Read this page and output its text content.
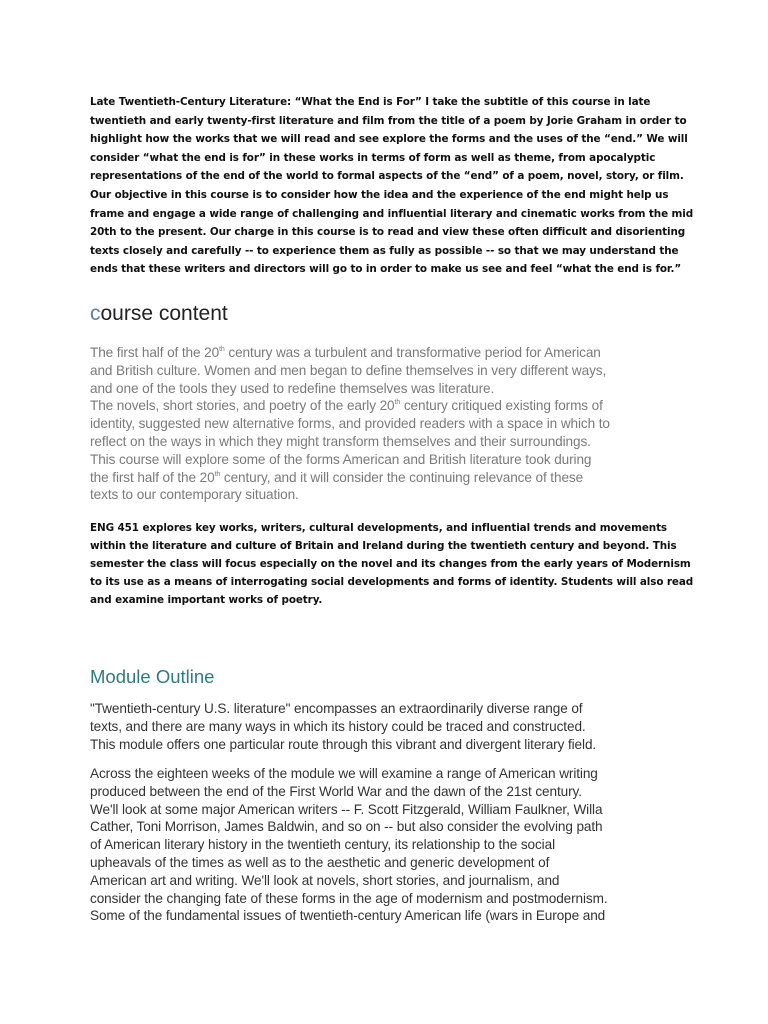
Late Twentieth-Century Literature: “What the End is For” I take the subtitle of this course in late
twentieth and early twenty-first literature and film from the title of a poem by Jorie Graham in order to
highlight how the works that we will read and see explore the forms and the uses of the “end.” We will
consider “what the end is for” in these works in terms of form as well as theme, from apocalyptic
representations of the end of the world to formal aspects of the “end” of a poem, novel, story, or film.
Our objective in this course is to consider how the idea and the experience of the end might help us
frame and engage a wide range of challenging and influential literary and cinematic works from the mid
20th to the present. Our charge in this course is to read and view these often difficult and disorienting
texts closely and carefully -- to experience them as fully as possible -- so that we may understand the
ends that these writers and directors will go to in order to make us see and feel “what the end is for.”
course content
The first half of the 20th century was a turbulent and transformative period for American
and British culture. Women and men began to define themselves in very different ways,
and one of the tools they used to redefine themselves was literature.
The novels, short stories, and poetry of the early 20th century critiqued existing forms of
identity, suggested new alternative forms, and provided readers with a space in which to
reflect on the ways in which they might transform themselves and their surroundings.
This course will explore some of the forms American and British literature took during
the first half of the 20th century, and it will consider the continuing relevance of these
texts to our contemporary situation.
ENG 451 explores key works, writers, cultural developments, and influential trends and movements
within the literature and culture of Britain and Ireland during the twentieth century and beyond. This
semester the class will focus especially on the novel and its changes from the early years of Modernism
to its use as a means of interrogating social developments and forms of identity. Students will also read
and examine important works of poetry.
Module Outline

"Twentieth-century U.S. literature" encompasses an extraordinarily diverse range of
texts, and there are many ways in which its history could be traced and constructed.
This module offers one particular route through this vibrant and divergent literary field.

Across the eighteen weeks of the module we will examine a range of American writing
produced between the end of the First World War and the dawn of the 21st century.
We'll look at some major American writers -- F. Scott Fitzgerald, William Faulkner, Willa
Cather, Toni Morrison, James Baldwin, and so on -- but also consider the evolving path
of American literary history in the twentieth century, its relationship to the social
upheavals of the times as well as to the aesthetic and generic development of
American art and writing. We'll look at novels, short stories, and journalism, and
consider the changing fate of these forms in the age of modernism and postmodernism.
Some of the fundamental issues of twentieth-century American life (wars in Europe and
